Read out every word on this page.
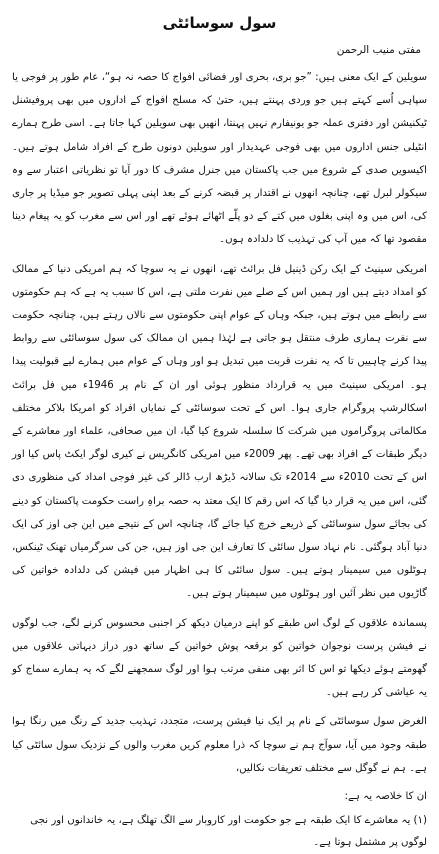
سول سوسائٹی
مفتی منیب الرحمن

سویلین کے ایک معنی ہیں: ”جو بری، بحری اور فضائی افواج کا حصہ نہ ہو“، عام طور پر فوجی یا سپاہی اُسے کہتے ہیں جو وردی پہنتے ہیں، حتیٰ کہ مسلح افواج کے اداروں میں بھی پروفیشنل ٹیکنیشن اور دفتری عملہ جو یونیفارم نہیں پہنتا، انھیں بھی سویلین کہا جاتا ہے۔ اسی طرح ہمارے انٹیلی جنس اداروں میں بھی فوجی عہدیدار اور سویلین دونوں طرح کے افراد شامل ہوتے ہیں۔ اکیسویں صدی کے شروع میں جب پاکستان میں جنرل مشرف کا دور آیا تو نظریاتی اعتبار سے وہ سیکولر لبرل تھے، چنانچہ انھوں نے اقتدار پر قبضہ کرنے کے بعد اپنی پہلی تصویر جو میڈیا پر جاری کی، اس میں وہ اپنی بغلوں میں کتے کے دو پلّے اٹھائے ہوئے تھے اور اس سے مغرب کو یہ پیغام دینا مقصود تھا کہ میں آپ کی تہذیب کا دلدادہ ہوں۔

امریکی سینیٹ کے ایک رکن ڈینیل فل برائٹ تھے، انھوں نے یہ سوچا کہ ہم امریکی دنیا کے ممالک کو امداد دیتے ہیں اور ہمیں اس کے صلے میں نفرت ملتی ہے، اس کا سبب یہ ہے کہ ہم حکومتوں سے رابطے میں ہوتے ہیں، جبکہ وہاں کے عوام اپنی حکومتوں سے نالاں رہتے ہیں، چنانچہ حکومت سے نفرت ہماری طرف منتقل ہو جاتی ہے لہٰذا ہمیں ان ممالک کی سول سوسائٹی سے روابط پیدا کرنے چاہییں تا کہ یہ نفرت قربت میں تبدیل ہو اور وہاں کے عوام میں ہمارے لیے قبولیت پیدا ہو۔ امریکی سینیٹ میں یہ قرارداد منظور ہوئی اور ان کے نام پر 1946ء میں فل برائٹ اسکالرشپ پروگرام جاری ہوا۔ اس کے تحت سوسائٹی کے نمایاں افراد کو امریکا بلاکر مختلف مکالماتی پروگراموں میں شرکت کا سلسلہ شروع کیا گیا، ان میں صحافی، علماء اور معاشرے کے دیگر طبقات کے افراد بھی تھے۔ پھر 2009ء میں امریکی کانگریس نے کیری لوگر ایکٹ پاس کیا اور اس کے تحت 2010ء سے 2014ء تک سالانہ ڈیڑھ ارب ڈالر کی غیر فوجی امداد کی منظوری دی گئی، اس میں یہ قرار دیا گیا کہ اس رقم کا ایک معتد بہ حصہ براہِ راست حکومت پاکستان کو دینے کی بجائے سول سوسائٹی کے ذریعے خرچ کیا جائے گا، چنانچہ اس کے نتیجے میں این جی اوز کی ایک دنیا آباد ہوگئی۔ نام نہاد سول سائٹی کا تعارف این جی اوز ہیں، جن کی سرگرمیاں تھنک ٹینکس، ہوٹلوں میں سیمینار ہوتے ہیں۔ سول سائٹی کا ہی اظہار میں فیشن کی دلدادہ خواتین کی گاڑیوں میں نظر آئیں اور ہوٹلوں میں سیمینار ہوتے ہیں۔

پسماندہ علاقوں کے لوگ اس طبقے کو اپنے درمیان دیکھ کر اجنبی محسوس کرنے لگے، جب لوگوں نے فیشن پرست نوجوان خواتین کو برقعہ پوش خواتین کے ساتھ دور دراز دیہاتی علاقوں میں گھومتے ہوئے دیکھا تو اس کا اثر بھی منفی مرتب ہوا اور لوگ سمجھنے لگے کہ یہ ہمارے سماج کو یہ عیاشی کر رہے ہیں۔

الغرض سول سوسائٹی کے نام پر ایک نیا فیشن پرست، متجدد، تہذیب جدید کے رنگ میں رنگا ہوا طبقہ وجود میں آیا، سوآج ہم نے سوچا کہ ذرا معلوم کریں مغرب والوں کے نزدیک سول سائٹی کیا ہے۔ ہم نے گوگل سے مختلف تعریفات نکالیں،

ان کا خلاصہ یہ ہے:

(۱) یہ معاشرے کا ایک طبقہ ہے جو حکومت اور کاروبار سے الگ تھلگ ہے، یہ خاندانوں اور نجی لوگوں پر مشتمل ہوتا ہے۔
